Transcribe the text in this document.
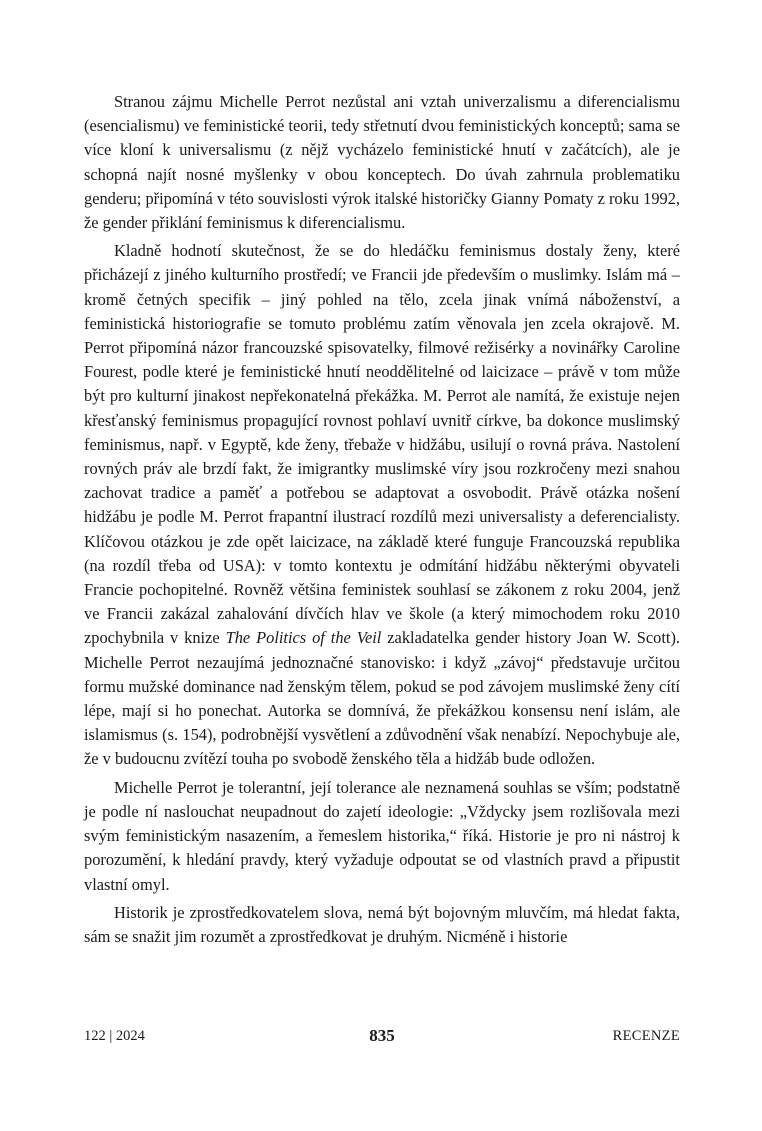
Stranou zájmu Michelle Perrot nezůstal ani vztah univerzalismu a diferencialismu (esencialismu) ve feministické teorii, tedy střetnutí dvou feministických konceptů; sama se více kloní k universalismu (z nějž vycházelo feministické hnutí v začátcích), ale je schopná najít nosné myšlenky v obou konceptech. Do úvah zahrnula problematiku genderu; připomíná v této souvislosti výrok italské historičky Gianny Pomaty z roku 1992, že gender přiklání feminismus k diferencialismu.

Kladně hodnotí skutečnost, že se do hledáčku feminismus dostaly ženy, které přicházejí z jiného kulturního prostředí; ve Francii jde především o muslimky. Islám má – kromě četných specifik – jiný pohled na tělo, zcela jinak vnímá náboženství, a feministická historiografie se tomuto problému zatím věnovala jen zcela okrajově. M. Perrot připomíná názor francouzské spisovatelky, filmové režisérky a novinářky Caroline Fourest, podle které je feministické hnutí neoddělitelné od laicizace – právě v tom může být pro kulturní jinakost nepřekonatelná překážka. M. Perrot ale namítá, že existuje nejen křesťanský feminismus propagující rovnost pohlaví uvnitř církve, ba dokonce muslimský feminismus, např. v Egyptě, kde ženy, třebaže v hidžábu, usilují o rovná práva. Nastolení rovných práv ale brzdí fakt, že imigrantky muslimské víry jsou rozkročeny mezi snahou zachovat tradice a paměť a potřebou se adaptovat a osvobodit. Právě otázka nošení hidžábu je podle M. Perrot frapantní ilustrací rozdílů mezi universalisty a deferencialisty. Klíčovou otázkou je zde opět laicizace, na základě které funguje Francouzská republika (na rozdíl třeba od USA): v tomto kontextu je odmítání hidžábu některými obyvateli Francie pochopitelné. Rovněž většina feministek souhlasí se zákonem z roku 2004, jenž ve Francii zakázal zahalování dívčích hlav ve škole (a který mimochodem roku 2010 zpochybnila v knize The Politics of the Veil zakladatelka gender history Joan W. Scott). Michelle Perrot nezaujímá jednoznačné stanovisko: i když „závoj“ představuje určitou formu mužské dominance nad ženským tělem, pokud se pod závojem muslimské ženy cítí lépe, mají si ho ponechat. Autorka se domnívá, že překážkou konsensu není islám, ale islamismus (s. 154), podrobnější vysvětlení a zdůvodnění však nenabízí. Nepochybuje ale, že v budoucnu zvítězí touha po svobodě ženského těla a hidžáb bude odložen.

Michelle Perrot je tolerantní, její tolerance ale neznamená souhlas se vším; podstatně je podle ní naslouchat neupadnout do zajetí ideologie: „Vždycky jsem rozlišovala mezi svým feministickým nasazením, a řemeslem historika,“ říká. Historie je pro ni nástroj k porozumění, k hledání pravdy, který vyžaduje odpoutat se od vlastních pravd a připustit vlastní omyl.

Historik je zprostředkovatelem slova, nemá být bojovným mluvčím, má hledat fakta, sám se snažit jim rozumět a zprostředkovat je druhým. Nicméně i historie

122 | 2024	835	RECENZE
